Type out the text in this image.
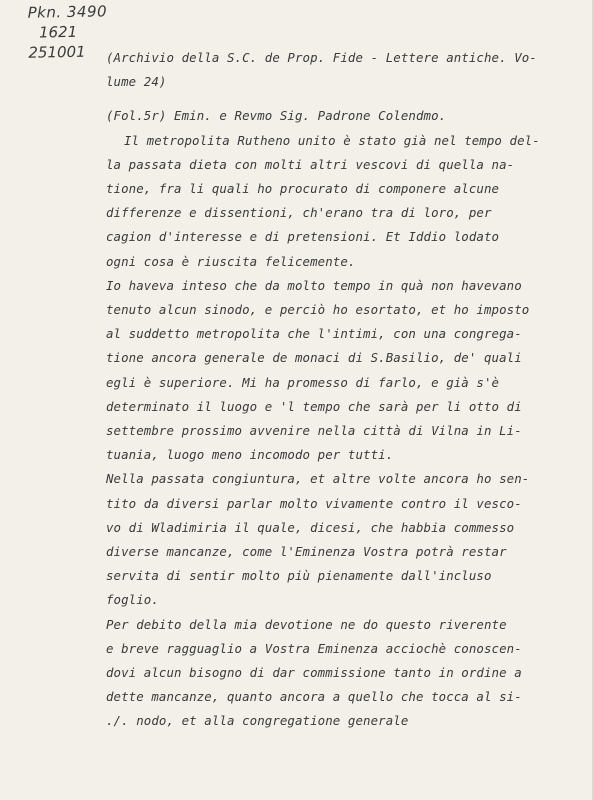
Pkn. 3490
1621
251001	(Archivio della S.C. de Prop. Fide - Lettere antiche. Vo-
lume 24)
(Fol.5r) Emin. e Revmo Sig. Padrone Colendmo.
Il metropolita Rutheno unito è stato già nel tempo del-
la passata dieta con molti altri vescovi di quella na-
tione, fra li quali ho procurato di componere alcune
differenze e dissentioni, ch'erano tra di loro, per
cagion d'interesse e di pretensioni. Et Iddio lodato
ogni cosa è riuscita felicemente.
Io haveva inteso che da molto tempo in quà non havevano
tenuto alcun sinodo, e perciò ho esortato, et ho imposto
al suddetto metropolita che l'intimi, con una congrega-
tione ancora generale de monaci di S.Basilio, de' quali
egli è superiore. Mi ha promesso di farlo, e già s'è
determinato il luogo e 'l tempo che sarà per li otto di
settembre prossimo avvenire nella città di Vilna in Li-
tuania, luogo meno incomodo per tutti.
Nella passata congiuntura, et altre volte ancora ho sen-
tito da diversi parlar molto vivamente contro il vesco-
vo di Wladimiria il quale, dicesi, che habbia commesso
diverse mancanze, come l'Eminenza Vostra potrà restar
servita di sentir molto più pienamente dall'incluso
foglio.
Per debito della mia devotione ne do questo riverente
e breve ragguaglio a Vostra Eminenza acciochè conoscen-
dovi alcun bisogno di dar commissione tanto in ordine a
dette mancanze, quanto ancora a quello che tocca al si-
./. nodo, et alla congregatione generale
